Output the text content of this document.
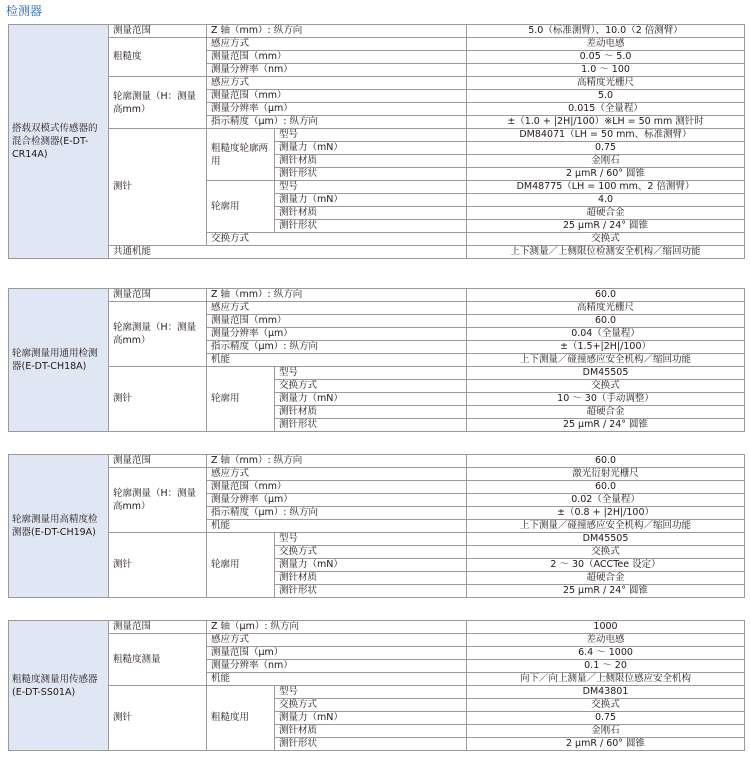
检测器
搭载双模式传感器的混合检测器(E-DT-CR14A)	测量范围	Z 轴（mm）: 纵方向		5.0（标准测臂）、10.0（2 倍测臂）
	粗糙度	感应方式		差动电感
		测量范围（mm）		0.05 ～ 5.0
		测量分辨率（nm）		1.0 ～ 100
	轮廓测量（H：测量高mm）	感应方式		高精度光栅尺
		测量范围（mm）		5.0
		测量分辨率（μm）		0.015（全量程）
		指示精度（μm）: 纵方向		±（1.0 + |2H|/100）※LH = 50 mm 测针时
	测针	粗糙度轮廓两用	型号	DM84071（LH = 50 mm、标准测臂）
			测量力（mN）	0.75
			测针材质	金刚石
			测针形状	2 μmR / 60° 圆锥
		轮廓用	型号	DM48775（LH = 100 mm、2 倍测臂）
			测量力（mN）	4.0
			测针材质	超硬合金
			测针形状	25 μmR / 24° 圆锥
		交换方式		交换式
	共通机能			上下测量／上侧限位检测安全机构／缩回功能
轮廓测量用通用检测器(E-DT-CH18A)	测量范围	Z 轴（mm）: 纵方向		60.0
	轮廓测量（H：测量高mm）	感应方式		高精度光栅尺
		测量范围（mm）		60.0
		测量分辨率（μm）		0.04（全量程）
		指示精度（μm）: 纵方向		±（1.5+|2H|/100）
		机能		上下测量／碰撞感应安全机构／缩回功能
	测针	轮廓用	型号	DM45505
			交换方式	交换式
			测量力（mN）	10 ～ 30（手动调整）
			测针材质	超硬合金
			测针形状	25 μmR / 24° 圆锥
轮廓测量用高精度检测器(E-DT-CH19A)	测量范围	Z 轴（mm）: 纵方向		60.0
	轮廓测量（H：测量高mm）	感应方式		激光衍射光栅尺
		测量范围（mm）		60.0
		测量分辨率（μm）		0.02（全量程）
		指示精度（μm）: 纵方向		±（0.8 + |2H|/100）
		机能		上下测量／碰撞感应安全机构／缩回功能
	测针	轮廓用	型号	DM45505
			交换方式	交换式
			测量力（mN）	2 ～ 30（ACCTee 设定）
			测针材质	超硬合金
			测针形状	25 μmR / 24° 圆锥
粗糙度测量用传感器(E-DT-SS01A)	测量范围	Z 轴（μm）: 纵方向		1000
	粗糙度测量	感应方式		差动电感
		测量范围（μm）		6.4 ～ 1000
		测量分辨率（nm）		0.1 ～ 20
		机能		向下／向上测量／上侧限位感应安全机构
	测针	粗糙度用	型号	DM43801
			交换方式	交换式
			测量力（mN）	0.75
			测针材质	金刚石
			测针形状	2 μmR / 60° 圆锥
